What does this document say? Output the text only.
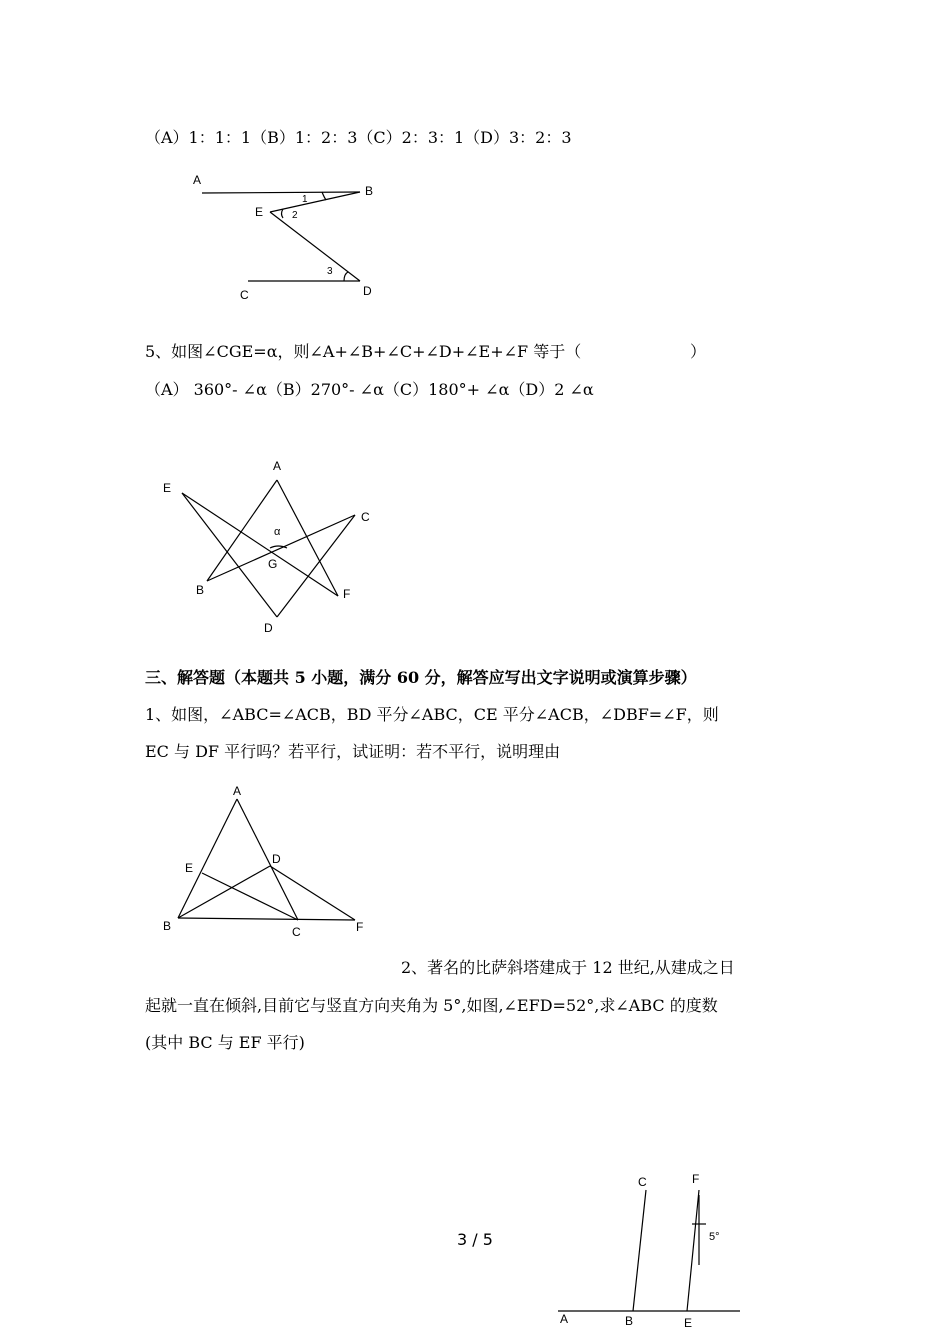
（A）1：1：1（B）1：2：3（C）2：3：1（D）3：2：3
A
B
E
C	D
1
2
3
5、如图∠CGE=α，则∠A+∠B+∠C+∠D+∠E+∠F 等于（	）
（A） 360°- ∠α（B）270°- ∠α（C）180°+ ∠α（D）2 ∠α
A
E
C
α
G
B	F
D
三、解答题（本题共 5 小题，满分 60 分，解答应写出文字说明或演算步骤）
1、如图，∠ABC=∠ACB，BD 平分∠ABC，CE 平分∠ACB，∠DBF=∠F，则
EC 与 DF 平行吗？若平行，试证明：若不平行，说明理由
A
E
D
B	C	F
2、著名的比萨斜塔建成于 12 世纪,从建成之日
起就一直在倾斜,目前它与竖直方向夹角为 5°,如图,∠EFD=52°,求∠ABC 的度数
(其中 BC 与 EF 平行)
3 / 5
C	F
5°
A	B	E
